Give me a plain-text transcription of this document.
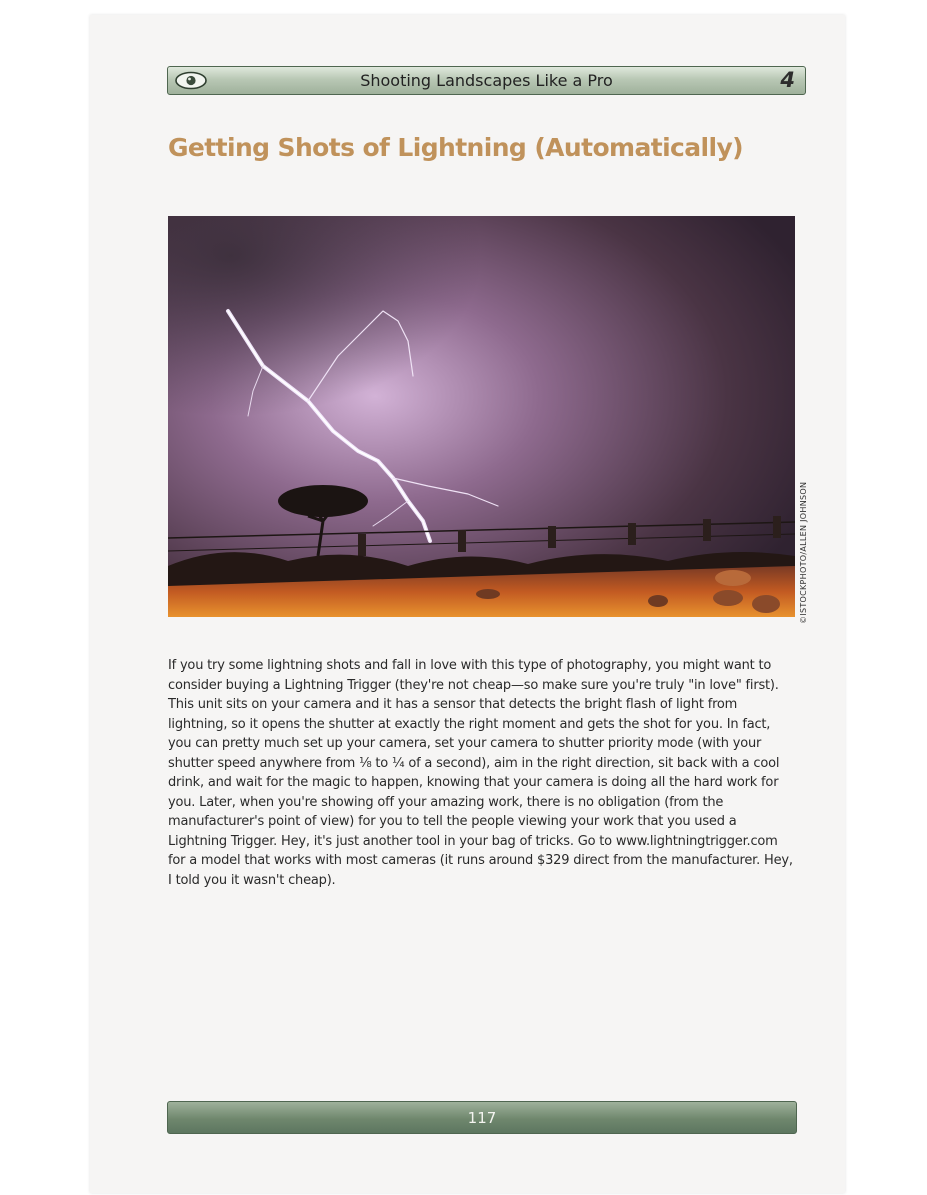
Shooting Landscapes Like a Pro	4
Getting Shots of Lightning (Automatically)
©ISTOCKPHOTO/ALLEN JOHNSON

If you try some lightning shots and fall in love with this type of photography, you might want to consider buying a Lightning Trigger (they're not cheap—so make sure you're truly "in love" first). This unit sits on your camera and it has a sensor that detects the bright flash of light from lightning, so it opens the shutter at exactly the right moment and gets the shot for you. In fact, you can pretty much set up your camera, set your camera to shutter priority mode (with your shutter speed anywhere from ⅛ to ¼ of a second), aim in the right direction, sit back with a cool drink, and wait for the magic to happen, knowing that your camera is doing all the hard work for you. Later, when you're showing off your amazing work, there is no obligation (from the manufacturer's point of view) for you to tell the people viewing your work that you used a Lightning Trigger. Hey, it's just another tool in your bag of tricks. Go to www.lightningtrigger.com for a model that works with most cameras (it runs around $329 direct from the manufacturer. Hey, I told you it wasn't cheap).

117
